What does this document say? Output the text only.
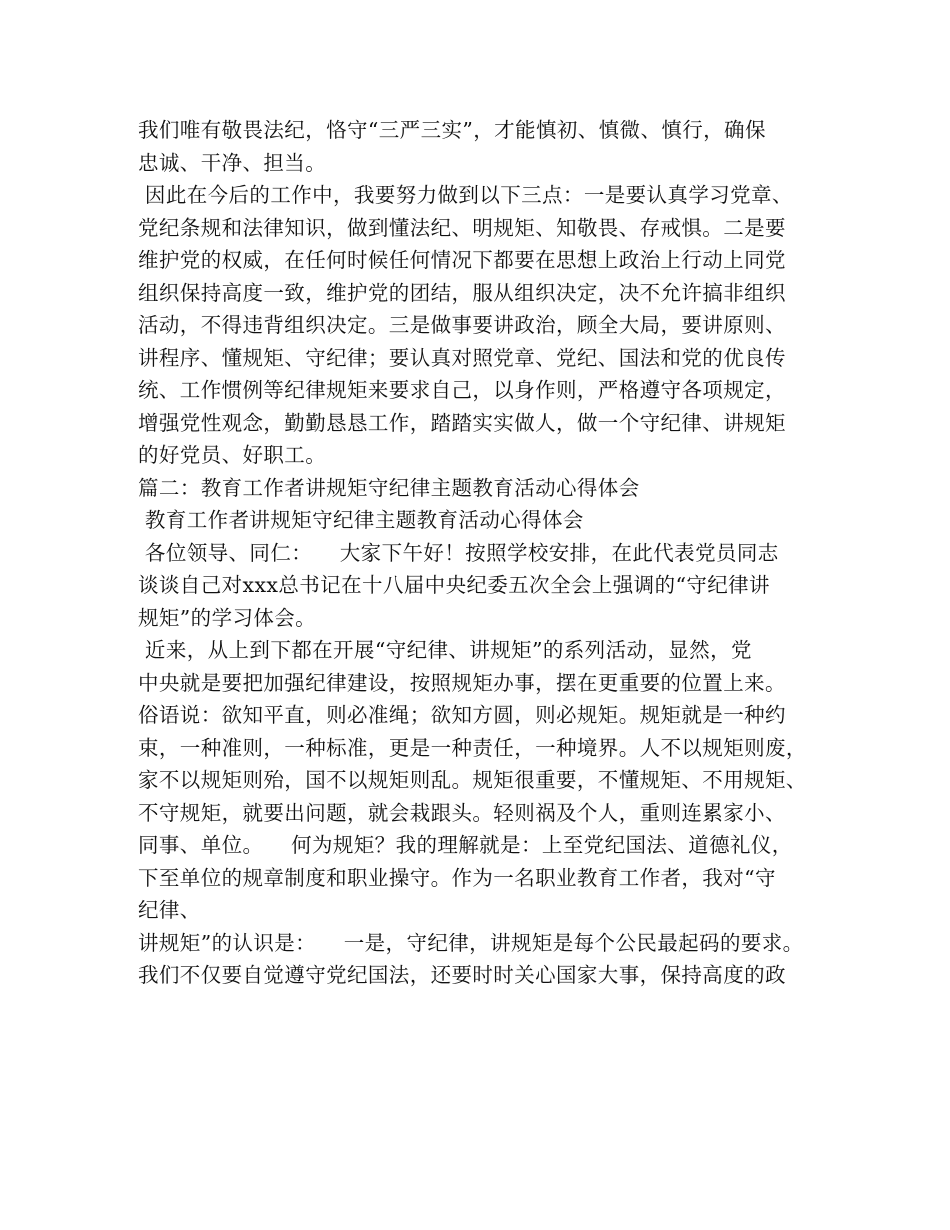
我们唯有敬畏法纪，恪守“三严三实”，才能慎初、慎微、慎行，确保
忠诚、干净、担当。
因此在今后的工作中，我要努力做到以下三点：一是要认真学习党章、
党纪条规和法律知识，做到懂法纪、明规矩、知敬畏、存戒惧。二是要
维护党的权威，在任何时候任何情况下都要在思想上政治上行动上同党
组织保持高度一致，维护党的团结，服从组织决定，决不允许搞非组织
活动，不得违背组织决定。三是做事要讲政治，顾全大局，要讲原则、
讲程序、懂规矩、守纪律；要认真对照党章、党纪、国法和党的优良传
统、工作惯例等纪律规矩来要求自己，以身作则，严格遵守各项规定，
增强党性观念，勤勤恳恳工作，踏踏实实做人，做一个守纪律、讲规矩
的好党员、好职工。
篇二：教育工作者讲规矩守纪律主题教育活动心得体会
教育工作者讲规矩守纪律主题教育活动心得体会
各位领导、同仁：    大家下午好！按照学校安排，在此代表党员同志
谈谈自己对xxx总书记在十八届中央纪委五次全会上强调的“守纪律讲
规矩”的学习体会。
近来，从上到下都在开展“守纪律、讲规矩”的系列活动，显然，党
中央就是要把加强纪律建设，按照规矩办事，摆在更重要的位置上来。
俗语说：欲知平直，则必准绳；欲知方圆，则必规矩。规矩就是一种约
束，一种准则，一种标准，更是一种责任，一种境界。人不以规矩则废，
家不以规矩则殆，国不以规矩则乱。规矩很重要，不懂规矩、不用规矩、
不守规矩，就要出问题，就会栽跟头。轻则祸及个人，重则连累家小、
同事、单位。    何为规矩？我的理解就是：上至党纪国法、道德礼仪，
下至单位的规章制度和职业操守。作为一名职业教育工作者，我对“守
纪律、
讲规矩”的认识是：    一是，守纪律，讲规矩是每个公民最起码的要求。
我们不仅要自觉遵守党纪国法，还要时时关心国家大事，保持高度的政
